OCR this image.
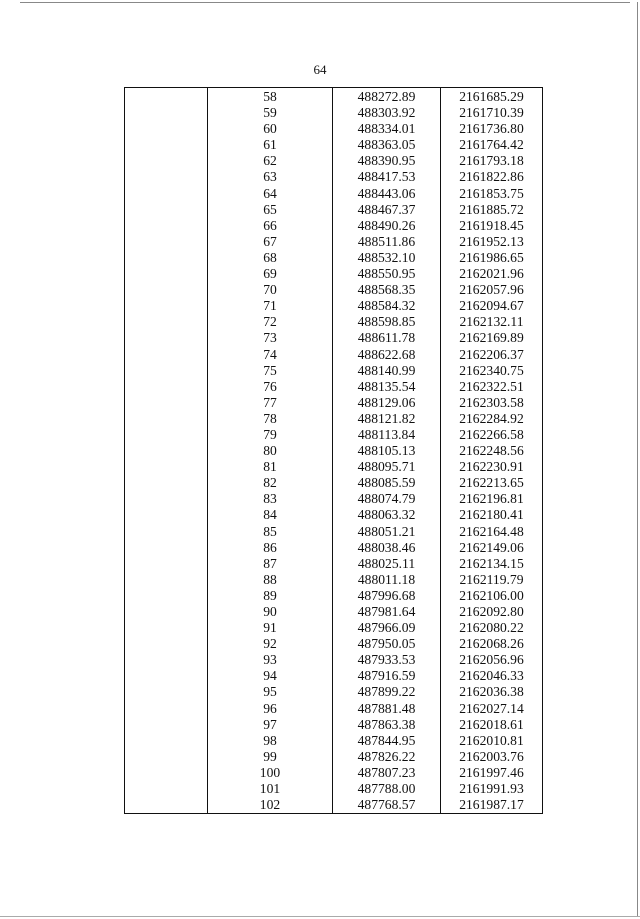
64
	58	488272.89	2161685.29
	59	488303.92	2161710.39
	60	488334.01	2161736.80
	61	488363.05	2161764.42
	62	488390.95	2161793.18
	63	488417.53	2161822.86
	64	488443.06	2161853.75
	65	488467.37	2161885.72
	66	488490.26	2161918.45
	67	488511.86	2161952.13
	68	488532.10	2161986.65
	69	488550.95	2162021.96
	70	488568.35	2162057.96
	71	488584.32	2162094.67
	72	488598.85	2162132.11
	73	488611.78	2162169.89
	74	488622.68	2162206.37
	75	488140.99	2162340.75
	76	488135.54	2162322.51
	77	488129.06	2162303.58
	78	488121.82	2162284.92
	79	488113.84	2162266.58
	80	488105.13	2162248.56
	81	488095.71	2162230.91
	82	488085.59	2162213.65
	83	488074.79	2162196.81
	84	488063.32	2162180.41
	85	488051.21	2162164.48
	86	488038.46	2162149.06
	87	488025.11	2162134.15
	88	488011.18	2162119.79
	89	487996.68	2162106.00
	90	487981.64	2162092.80
	91	487966.09	2162080.22
	92	487950.05	2162068.26
	93	487933.53	2162056.96
	94	487916.59	2162046.33
	95	487899.22	2162036.38
	96	487881.48	2162027.14
	97	487863.38	2162018.61
	98	487844.95	2162010.81
	99	487826.22	2162003.76
	100	487807.23	2161997.46
	101	487788.00	2161991.93
	102	487768.57	2161987.17
